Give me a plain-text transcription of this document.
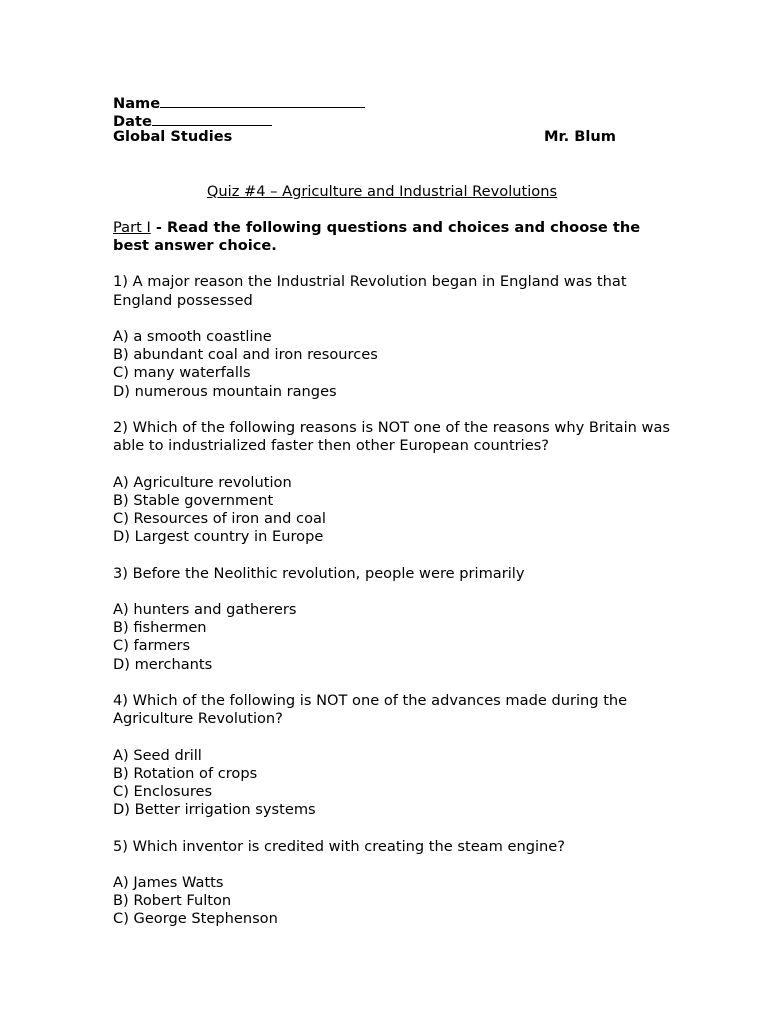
Name
Date
Global Studies	Mr. Blum
Quiz #4 – Agriculture and Industrial Revolutions
Part I - Read the following questions and choices and choose the best answer choice.
1) A major reason the Industrial Revolution began in England was that England possessed
A) a smooth coastline
B) abundant coal and iron resources
C) many waterfalls
D) numerous mountain ranges
2) Which of the following reasons is NOT one of the reasons why Britain was able to industrialized faster then other European countries?
A) Agriculture revolution
B) Stable government
C) Resources of iron and coal
D) Largest country in Europe
3) Before the Neolithic revolution, people were primarily
A) hunters and gatherers
B) fishermen
C) farmers
D) merchants
4) Which of the following is NOT one of the advances made during the Agriculture Revolution?
A) Seed drill
B) Rotation of crops
C) Enclosures
D) Better irrigation systems
5) Which inventor is credited with creating the steam engine?
A) James Watts
B) Robert Fulton
C) George Stephenson
